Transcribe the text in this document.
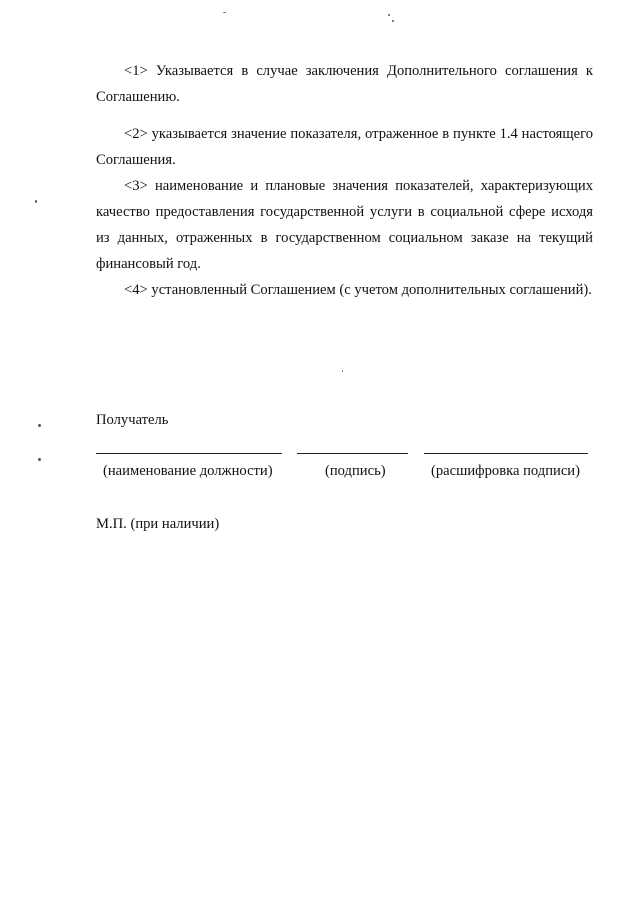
<1> Указывается в случае заключения Дополнительного соглашения к Соглашению.

<2> указывается значение показателя, отраженное в пункте 1.4 настоящего Соглашения.

<3> наименование и плановые значения показателей, характеризующих качество предоставления государственной услуги в социальной сфере исходя из данных, отраженных в государственном социальном заказе на текущий финансовый год.

<4> установленный Соглашением (с учетом дополнительных соглашений).

Получатель
(наименование должности)	(подпись)	(расшифровка подписи)
М.П. (при наличии)
